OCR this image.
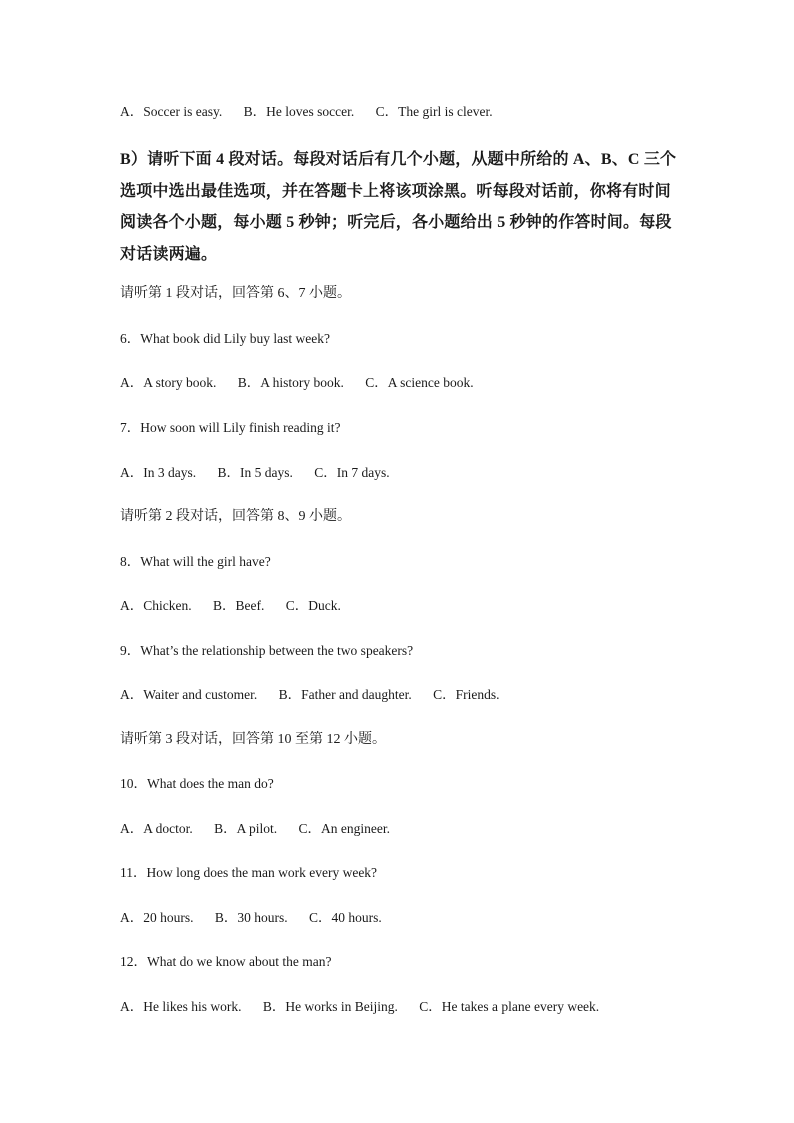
A．Soccer is easy. B．He loves soccer. C．The girl is clever.
B）请听下面 4 段对话。每段对话后有几个小题，从题中所给的 A、B、C 三个选项中选出最佳选项，并在答题卡上将该项涂黑。听每段对话前，你将有时间阅读各个小题，每小题 5 秒钟；听完后，各小题给出 5 秒钟的作答时间。每段对话读两遍。
请听第 1 段对话，回答第 6、7 小题。
6．What book did Lily buy last week?
A．A story book. B．A history book. C．A science book.
7．How soon will Lily finish reading it?
A．In 3 days. B．In 5 days. C．In 7 days.
请听第 2 段对话，回答第 8、9 小题。
8．What will the girl have?
A．Chicken. B．Beef. C．Duck.
9．What’s the relationship between the two speakers?
A．Waiter and customer. B．Father and daughter. C．Friends.
请听第 3 段对话，回答第 10 至第 12 小题。
10．What does the man do?
A．A doctor. B．A pilot. C．An engineer.
11．How long does the man work every week?
A．20 hours. B．30 hours. C．40 hours.
12．What do we know about the man?
A．He likes his work. B．He works in Beijing. C．He takes a plane every week.
